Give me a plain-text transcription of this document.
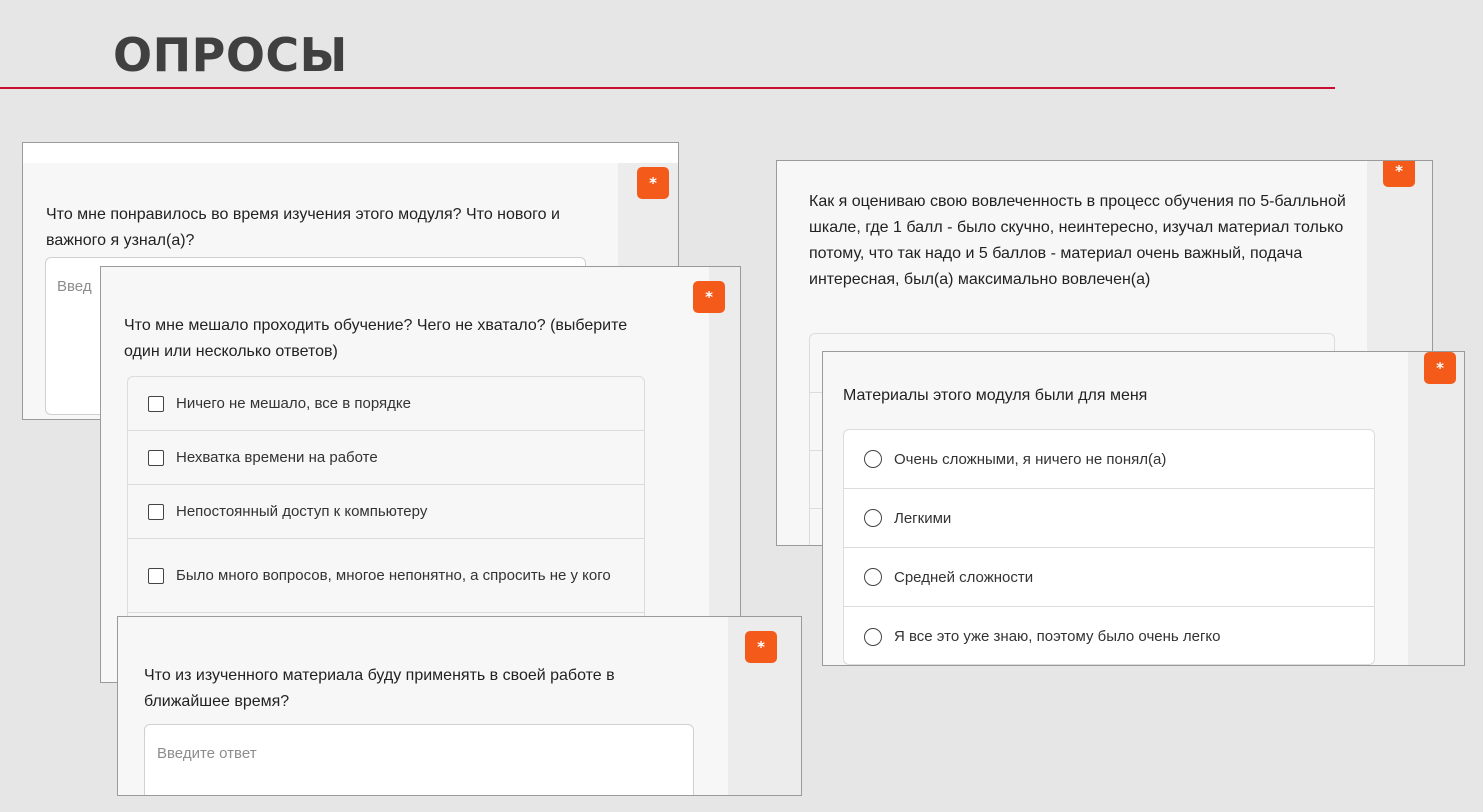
ОПРОСЫ
*

Что мне понравилось во время изучения этого модуля? Что нового и важного я узнал(а)?

Введ
*

Как я оцениваю свою вовлеченность в процесс обучения по 5-балльной шкале, где 1 балл - было скучно, неинтересно, изучал материал только потому, что так надо и 5 баллов - материал очень важный, подача интересная, был(а) максимально вовлечен(а)

*

Материалы этого модуля были для меня

Очень сложными, я ничего не понял(а)
Легкими
Средней сложности
Я все это уже знаю, поэтому было очень легко
*

Что мне мешало проходить обучение? Чего не хватало? (выберите один или несколько ответов)

Ничего не мешало, все в порядке
Нехватка времени на работе
Непостоянный доступ к компьютеру
Было много вопросов, многое непонятно, а спросить не у кого
*

Что из изученного материала буду применять в своей работе в ближайшее время?

Введите ответ
